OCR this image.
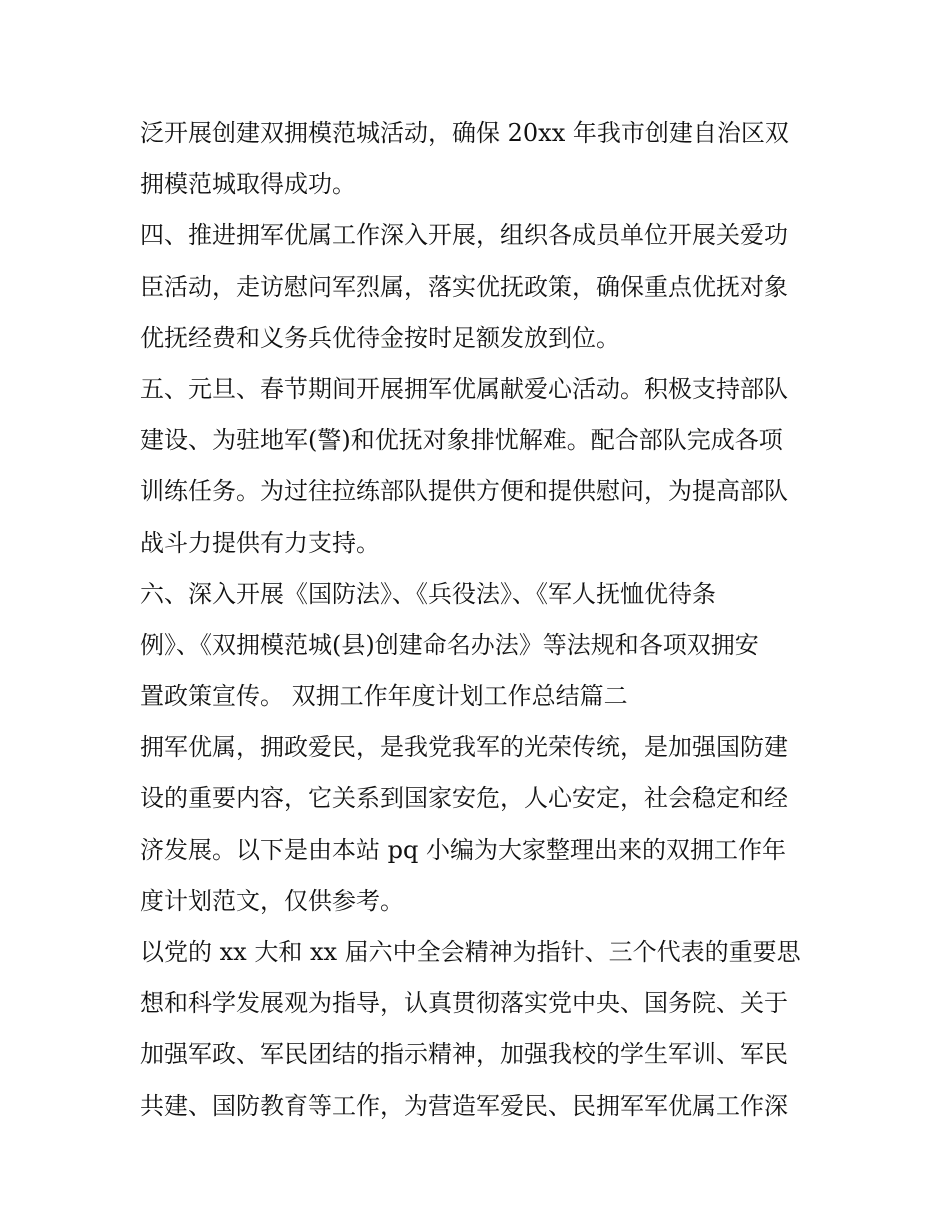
泛开展创建双拥模范城活动，确保 20xx 年我市创建自治区双

拥模范城取得成功。

四、推进拥军优属工作深入开展，组织各成员单位开展关爱功

臣活动，走访慰问军烈属，落实优抚政策，确保重点优抚对象

优抚经费和义务兵优待金按时足额发放到位。

五、元旦、春节期间开展拥军优属献爱心活动。积极支持部队

建设、为驻地军(警)和优抚对象排忧解难。配合部队完成各项

训练任务。为过往拉练部队提供方便和提供慰问，为提高部队

战斗力提供有力支持。

六、深入开展《国防法》、《兵役法》、《军人抚恤优待条

例》、《双拥模范城(县)创建命名办法》等法规和各项双拥安

置政策宣传。 双拥工作年度计划工作总结篇二

拥军优属，拥政爱民，是我党我军的光荣传统，是加强国防建

设的重要内容，它关系到国家安危，人心安定，社会稳定和经

济发展。以下是由本站 pq 小编为大家整理出来的双拥工作年

度计划范文，仅供参考。

以党的 xx 大和 xx 届六中全会精神为指针、三个代表的重要思

想和科学发展观为指导，认真贯彻落实党中央、国务院、关于

加强军政、军民团结的指示精神，加强我校的学生军训、军民

共建、国防教育等工作，为营造军爱民、民拥军军优属工作深
